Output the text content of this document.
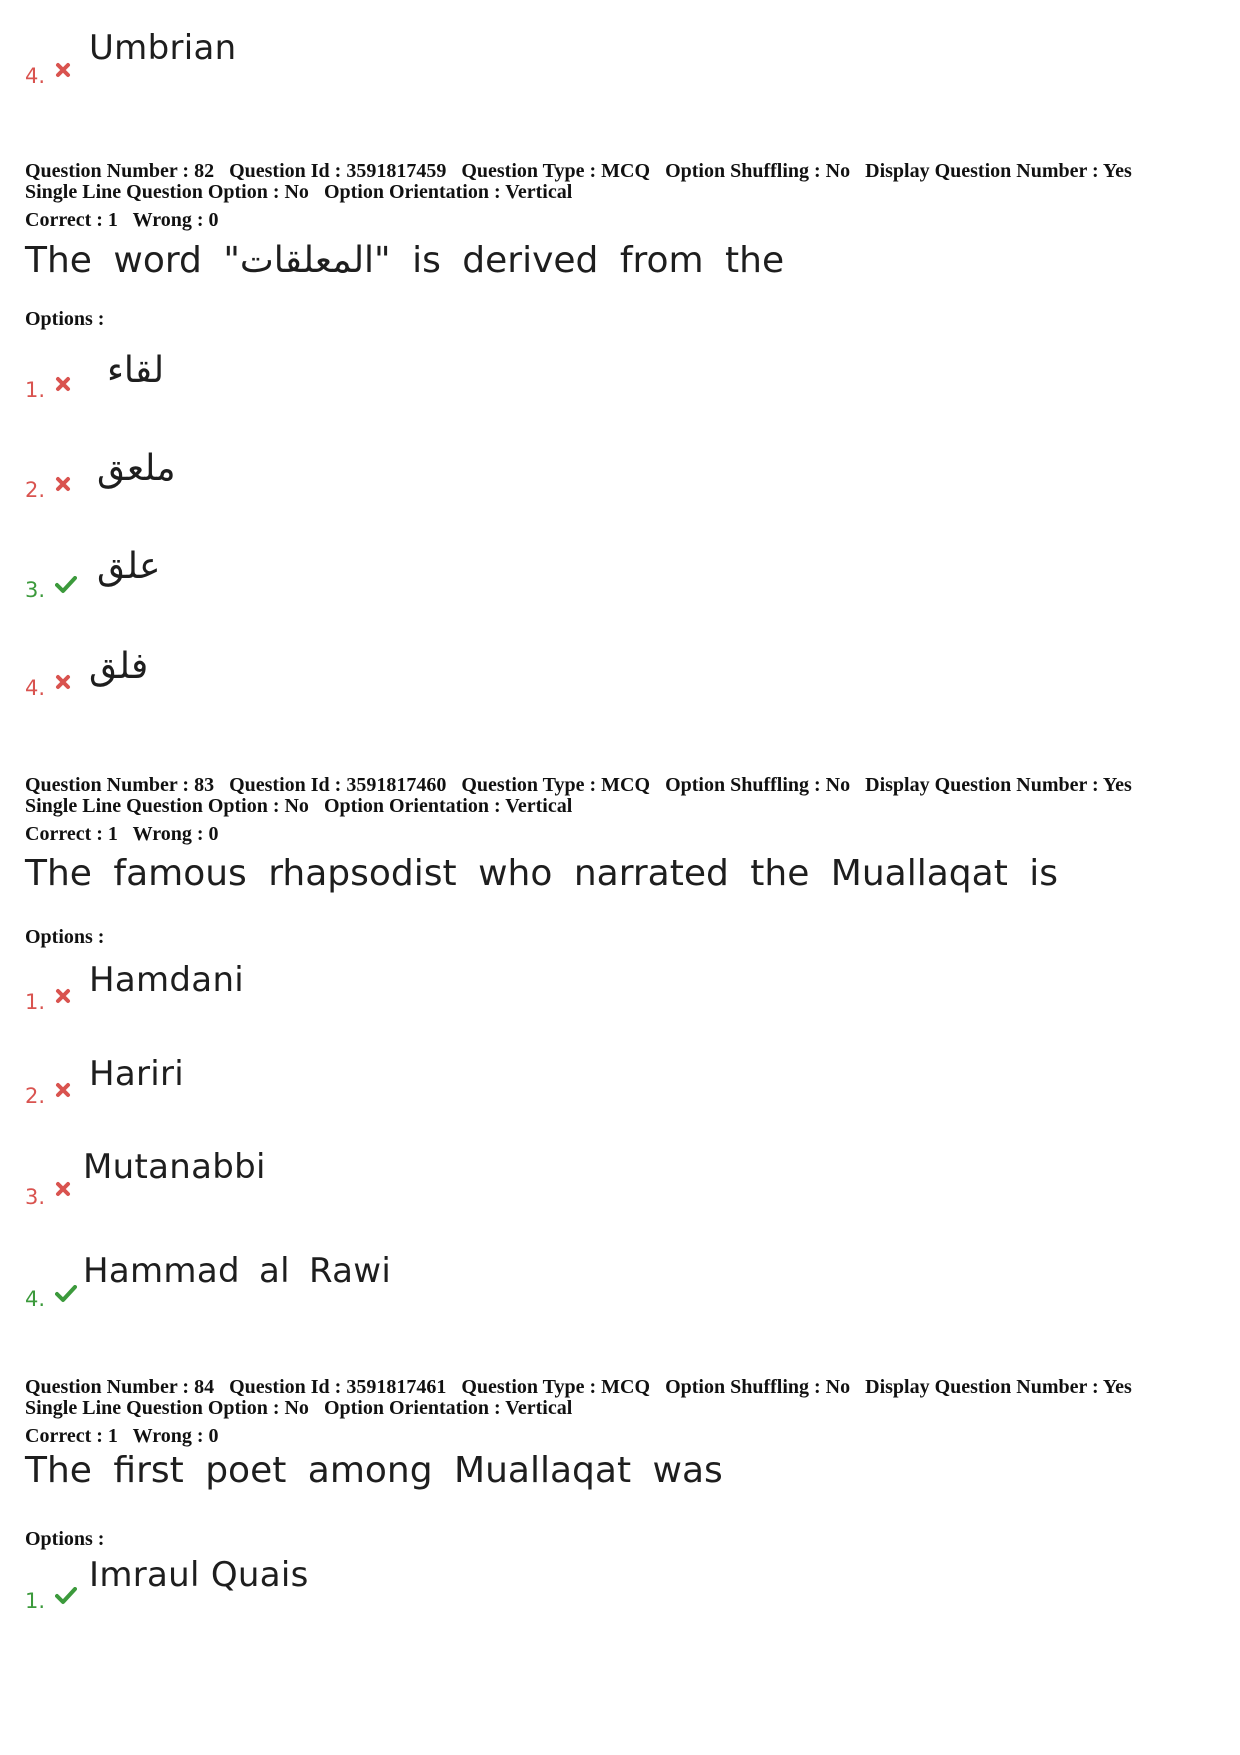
4.
Umbrian
Question Number : 82 Question Id : 3591817459 Question Type : MCQ Option Shuffling : No Display Question Number : Yes
Single Line Question Option : No Option Orientation : Vertical
Correct : 1 Wrong : 0
The word "المعلقات" is derived from the
Options :
1. لقاء
2.
ملعق
3.
علق
4.
فلق
Question Number : 83 Question Id : 3591817460 Question Type : MCQ Option Shuffling : No Display Question Number : Yes
Single Line Question Option : No Option Orientation : Vertical
Correct : 1 Wrong : 0
The famous rhapsodist who narrated the Muallaqat is
Options :
1.
Hamdani
2.
Hariri
3.
Mutanabbi
4.
Hammad al Rawi
Question Number : 84 Question Id : 3591817461 Question Type : MCQ Option Shuffling : No Display Question Number : Yes
Single Line Question Option : No Option Orientation : Vertical
Correct : 1 Wrong : 0
The first poet among Muallaqat was
Options :
1.
Imraul Quais
